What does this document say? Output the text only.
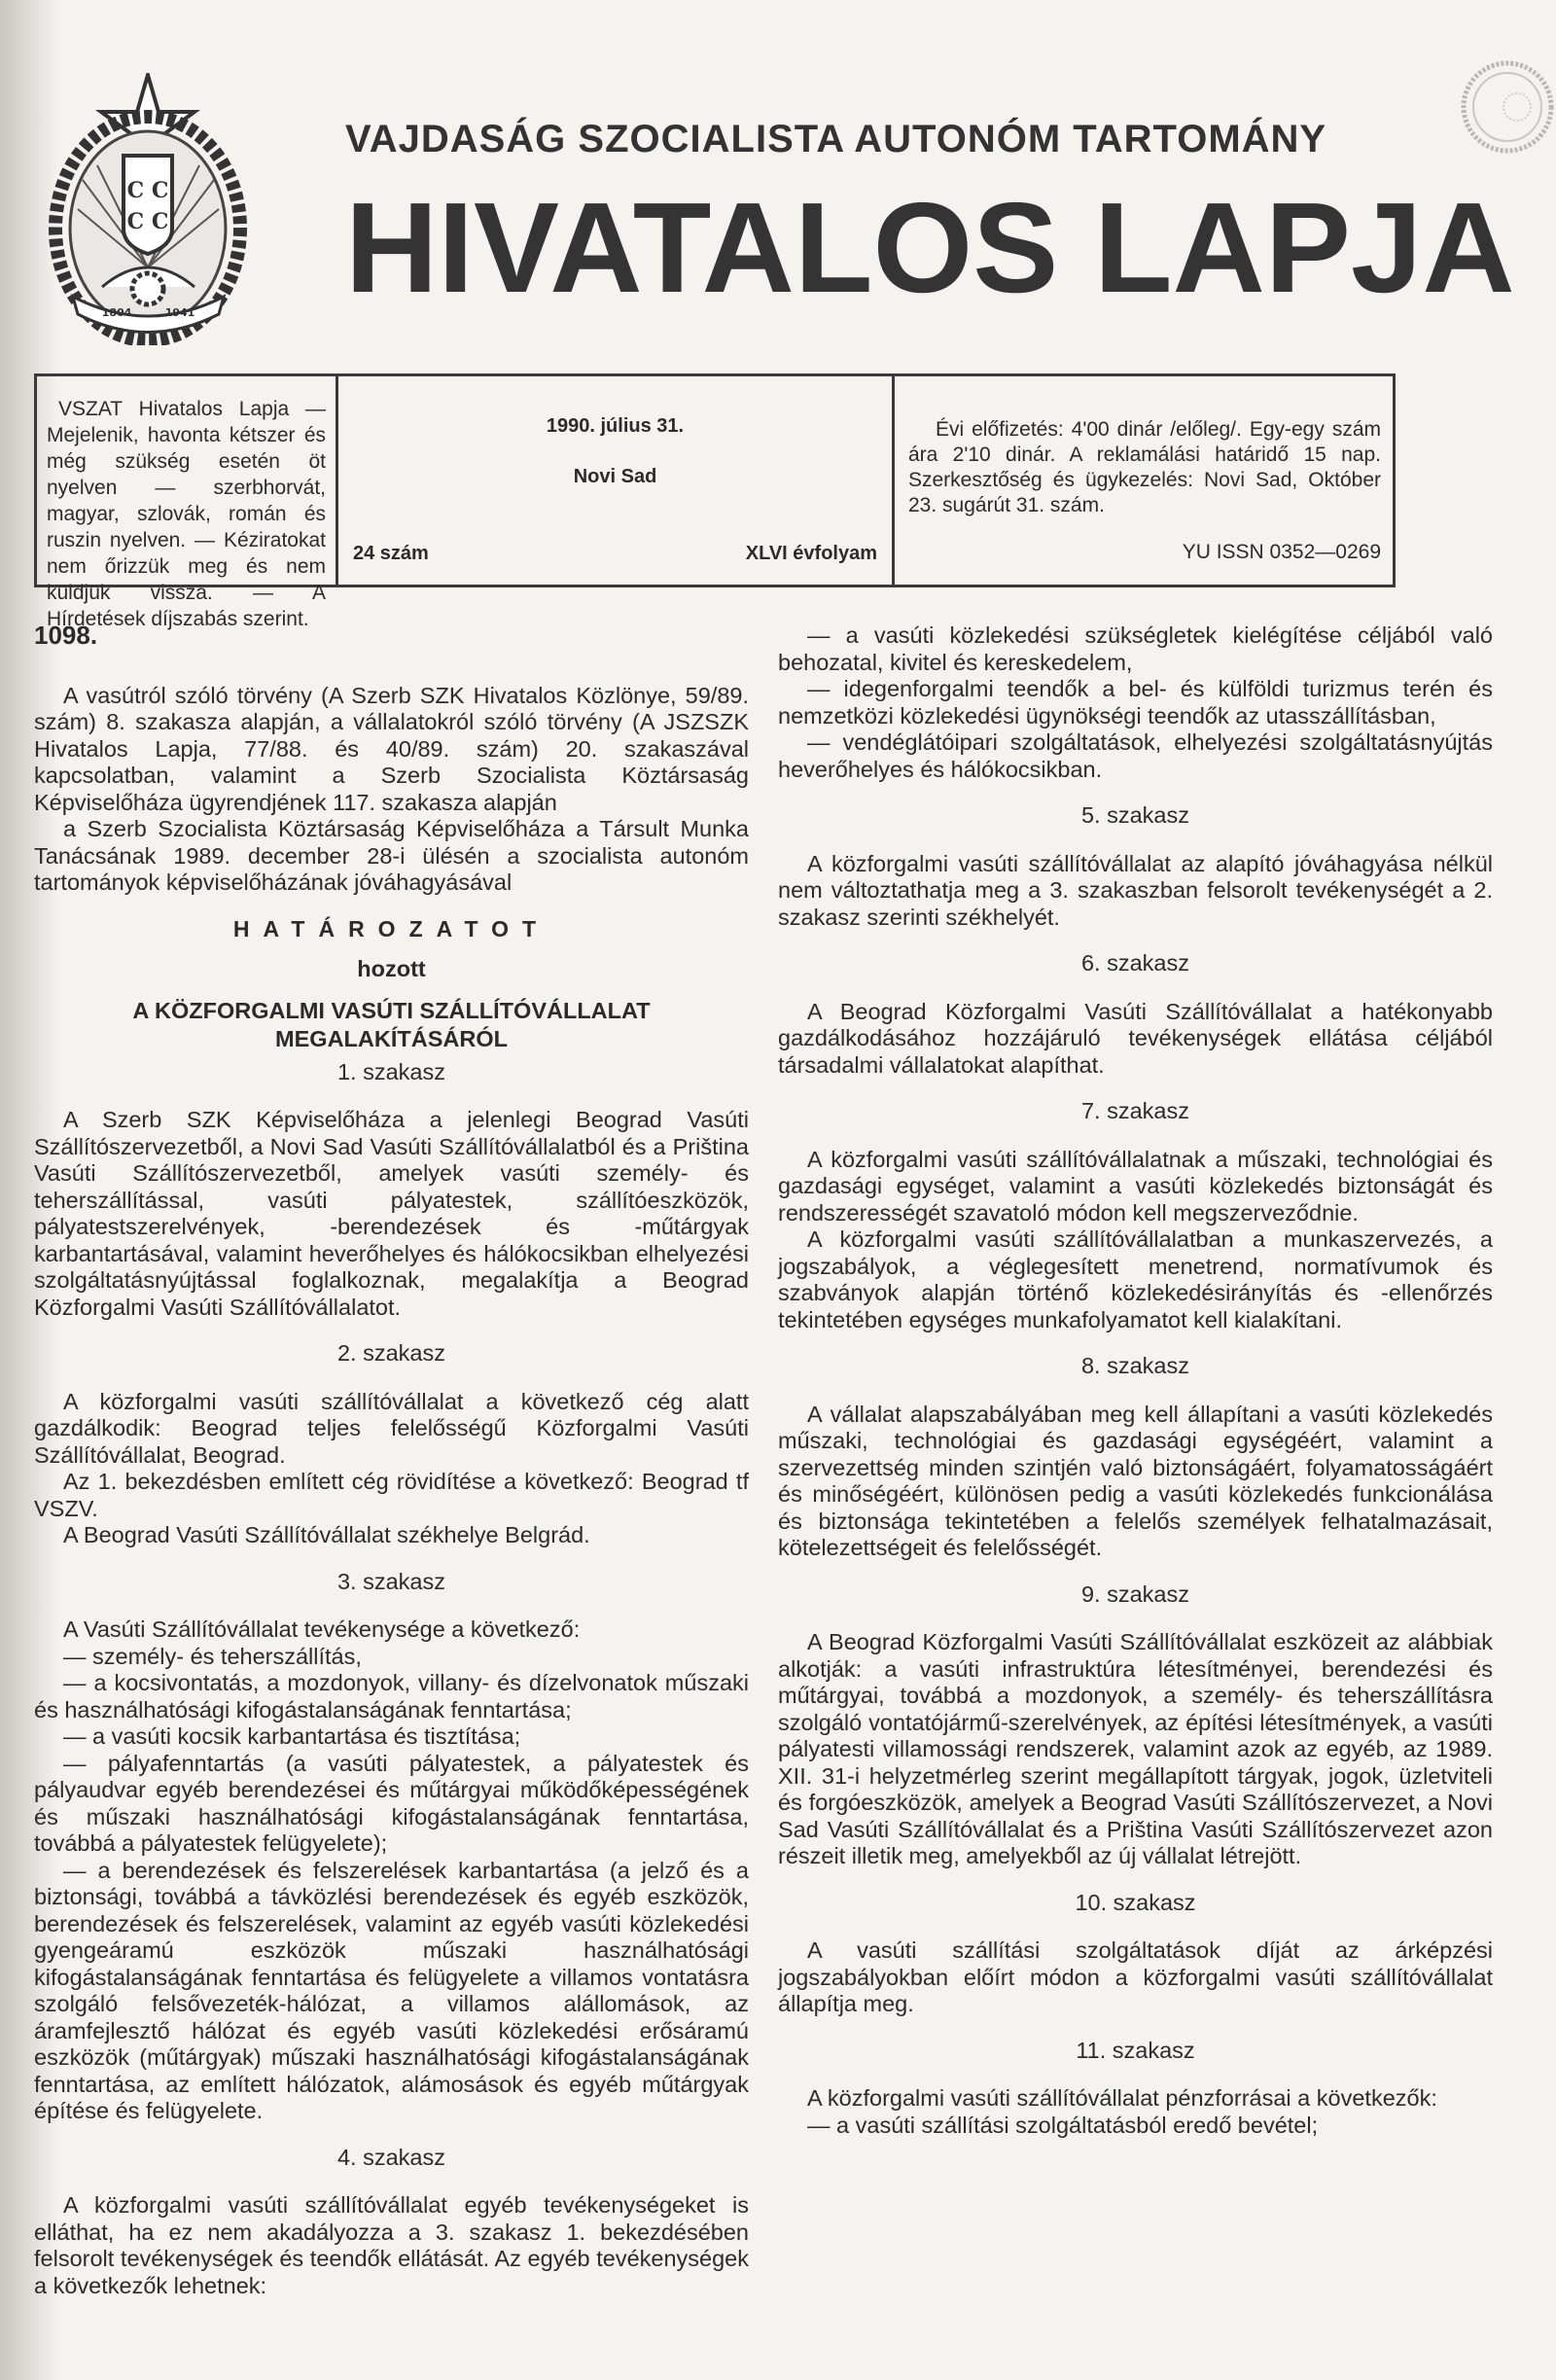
С С
С С
1804	1941
VAJDASÁG SZOCIALISTA AUTONÓM TARTOMÁNY
HIVATALOS LAPJA

VSZAT Hivatalos Lapja — Mejelenik, havonta kétszer és még szükség esetén öt nyelven — szerbhorvát, magyar, szlovák, román és ruszin nyelven. — Kéziratokat nem őrizzük meg és nem küldjük vissza. — A Hírdetések díjszabás szerint.

1990. július 31.
Novi Sad
24 szám	XLVI évfolyam

Évi előfizetés: 4'00 dinár /előleg/. Egy-egy szám ára 2'10 dinár. A reklamálási határidő 15 nap. Szerkesztőség és ügykezelés: Novi Sad, Október 23. sugárút 31. szám.

YU ISSN 0352—0269
1098.

A vasútról szóló törvény (A Szerb SZK Hivatalos Közlönye, 59/89. szám) 8. szakasza alapján, a vállalatokról szóló törvény (A JSZSZK Hivatalos Lapja, 77/88. és 40/89. szám) 20. szakaszával kapcsolatban, valamint a Szerb Szocialista Köztársaság Képviselőháza ügyrendjének 117. szakasza alapján

a Szerb Szocialista Köztársaság Képviselőháza a Társult Munka Tanácsának 1989. december 28-i ülésén a szocialista autonóm tartományok képviselőházának jóváhagyásával

HATÁROZATOT
hozott
A KÖZFORGALMI VASÚTI SZÁLLÍTÓVÁLLALAT MEGALAKÍTÁSÁRÓL
1. szakasz

A Szerb SZK Képviselőháza a jelenlegi Beograd Vasúti Szállítószervezetből, a Novi Sad Vasúti Szállítóvállalatból és a Priština Vasúti Szállítószervezetből, amelyek vasúti személy- és teherszállítással, vasúti pályatestek, szállítóeszközök, pályatestszerelvények, -berendezések és -műtárgyak karbantartásával, valamint heverőhelyes és hálókocsikban elhelyezési szolgáltatásnyújtással foglalkoznak, megalakítja a Beograd Közforgalmi Vasúti Szállítóvállalatot.

2. szakasz

A közforgalmi vasúti szállítóvállalat a következő cég alatt gazdálkodik: Beograd teljes felelősségű Közforgalmi Vasúti Szállítóvállalat, Beograd.

Az 1. bekezdésben említett cég rövidítése a következő: Beograd tf VSZV.

A Beograd Vasúti Szállítóvállalat székhelye Belgrád.

3. szakasz

A Vasúti Szállítóvállalat tevékenysége a következő:

— személy- és teherszállítás,

— a kocsivontatás, a mozdonyok, villany- és dízelvonatok műszaki és használhatósági kifogástalanságának fenntartása;

— a vasúti kocsik karbantartása és tisztítása;

— pályafenntartás (a vasúti pályatestek, a pályatestek és pályaudvar egyéb berendezései és műtárgyai működőképességének és műszaki használhatósági kifogástalanságának fenntartása, továbbá a pályatestek felügyelete);

— a berendezések és felszerelések karbantartása (a jelző és a biztonsági, továbbá a távközlési berendezések és egyéb eszközök, berendezések és felszerelések, valamint az egyéb vasúti közlekedési gyengeáramú eszközök műszaki használhatósági kifogástalanságának fenntartása és felügyelete a villamos vontatásra szolgáló felsővezeték-hálózat, a villamos alállomások, az áramfejlesztő hálózat és egyéb vasúti közlekedési erősáramú eszközök (műtárgyak) műszaki használhatósági kifogástalanságának fenntartása, az említett hálózatok, alámosások és egyéb műtárgyak építése és felügyelete.

4. szakasz

A közforgalmi vasúti szállítóvállalat egyéb tevékenységeket is elláthat, ha ez nem akadályozza a 3. szakasz 1. bekezdésében felsorolt tevékenységek és teendők ellátását. Az egyéb tevékenységek a következők lehetnek:

— a vasúti közlekedési szükségletek kielégítése céljából való behozatal, kivitel és kereskedelem,

— idegenforgalmi teendők a bel- és külföldi turizmus terén és nemzetközi közlekedési ügynökségi teendők az utasszállításban,

— vendéglátóipari szolgáltatások, elhelyezési szolgáltatásnyújtás heverőhelyes és hálókocsikban.

5. szakasz

A közforgalmi vasúti szállítóvállalat az alapító jóváhagyása nélkül nem változtathatja meg a 3. szakaszban felsorolt tevékenységét a 2. szakasz szerinti székhelyét.

6. szakasz

A Beograd Közforgalmi Vasúti Szállítóvállalat a hatékonyabb gazdálkodásához hozzájáruló tevékenységek ellátása céljából társadalmi vállalatokat alapíthat.

7. szakasz

A közforgalmi vasúti szállítóvállalatnak a műszaki, technológiai és gazdasági egységet, valamint a vasúti közlekedés biztonságát és rendszerességét szavatoló módon kell megszerveződnie.

A közforgalmi vasúti szállítóvállalatban a munkaszervezés, a jogszabályok, a véglegesített menetrend, normatívumok és szabványok alapján történő közlekedésirányítás és -ellenőrzés tekintetében egységes munkafolyamatot kell kialakítani.

8. szakasz

A vállalat alapszabályában meg kell állapítani a vasúti közlekedés műszaki, technológiai és gazdasági egységéért, valamint a szervezettség minden szintjén való biztonságáért, folyamatosságáért és minőségéért, különösen pedig a vasúti közlekedés funkcionálása és biztonsága tekintetében a felelős személyek felhatalmazásait, kötelezettségeit és felelősségét.

9. szakasz

A Beograd Közforgalmi Vasúti Szállítóvállalat eszközeit az alábbiak alkotják: a vasúti infrastruktúra létesítményei, berendezési és műtárgyai, továbbá a mozdonyok, a személy- és teherszállításra szolgáló vontatójármű-szerelvények, az építési létesítmények, a vasúti pályatesti villamossági rendszerek, valamint azok az egyéb, az 1989. XII. 31-i helyzetmérleg szerint megállapított tárgyak, jogok, üzletviteli és forgóeszközök, amelyek a Beograd Vasúti Szállítószervezet, a Novi Sad Vasúti Szállítóvállalat és a Priština Vasúti Szállítószervezet azon részeit illetik meg, amelyekből az új vállalat létrejött.

10. szakasz

A vasúti szállítási szolgáltatások díját az árképzési jogszabályokban előírt módon a közforgalmi vasúti szállítóvállalat állapítja meg.

11. szakasz

A közforgalmi vasúti szállítóvállalat pénzforrásai a következők:

— a vasúti szállítási szolgáltatásból eredő bevétel;
